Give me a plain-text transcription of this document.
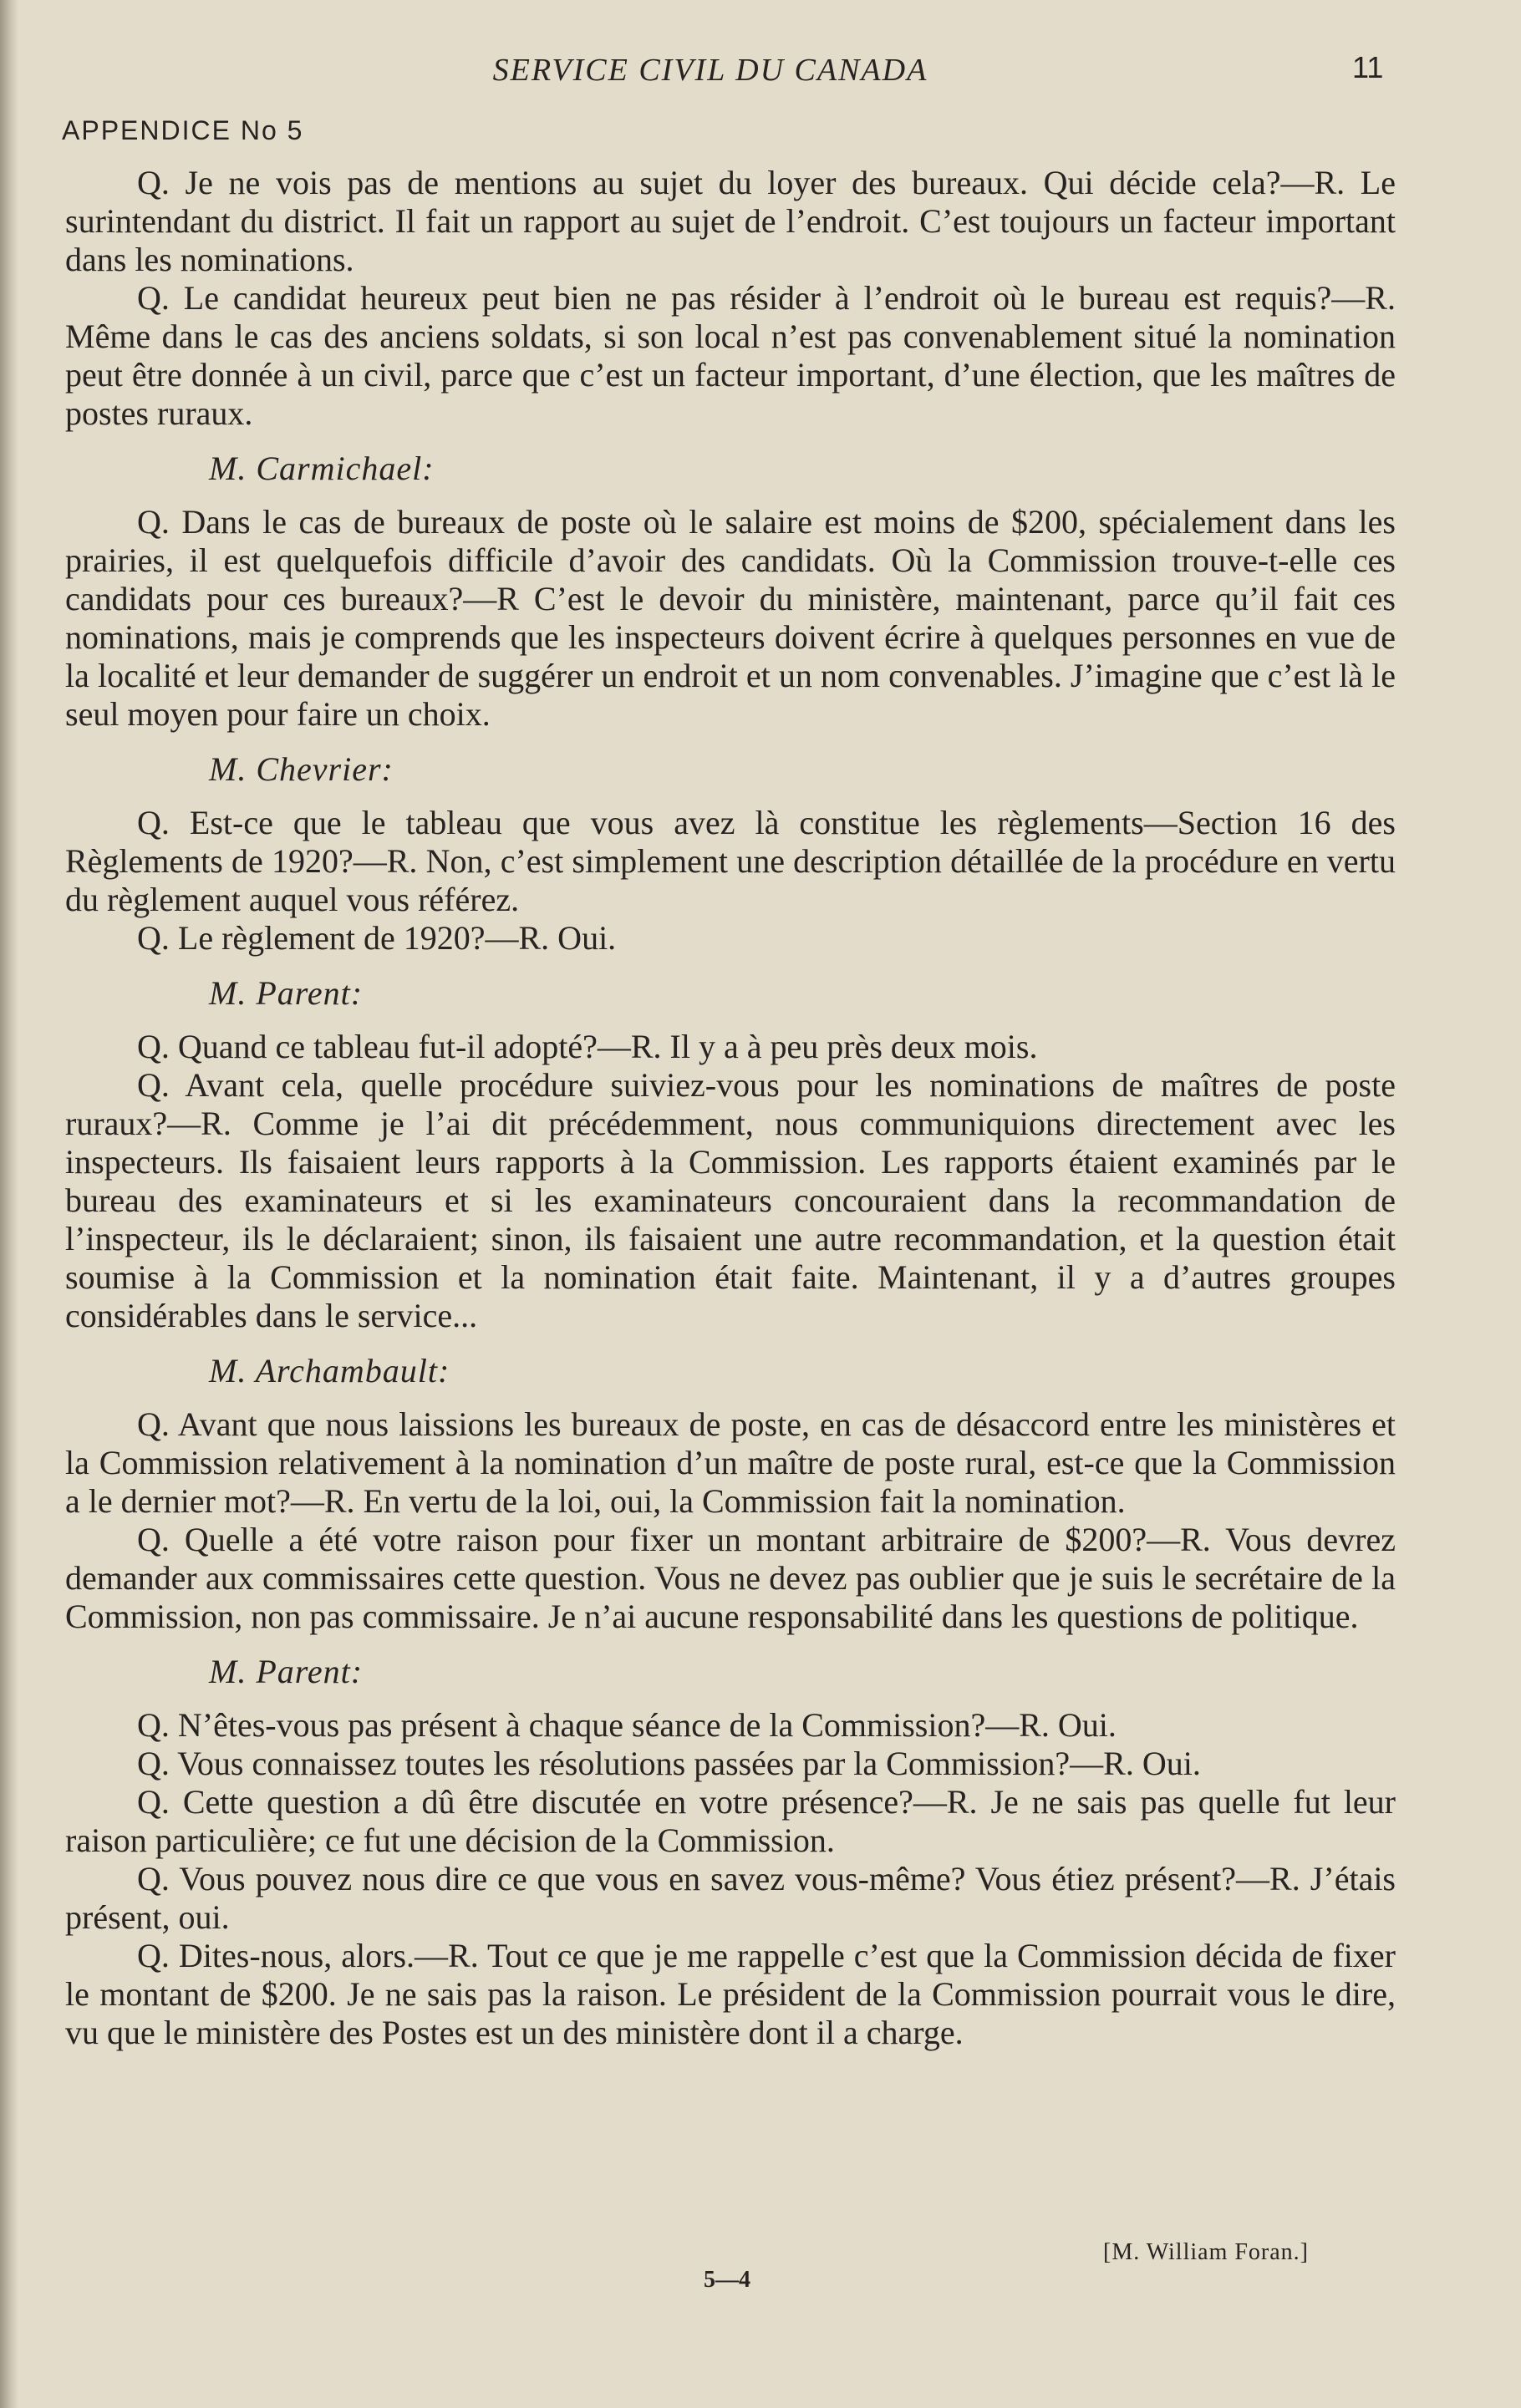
SERVICE CIVIL DU CANADA	11
APPENDICE No 5

Q. Je ne vois pas de mentions au sujet du loyer des bureaux. Qui décide cela?—R. Le surintendant du district. Il fait un rapport au sujet de l’endroit. C’est toujours un facteur important dans les nominations.

Q. Le candidat heureux peut bien ne pas résider à l’endroit où le bureau est requis?—R. Même dans le cas des anciens soldats, si son local n’est pas convenablement situé la nomination peut être donnée à un civil, parce que c’est un facteur important, d’une élection, que les maîtres de postes ruraux.

M. Carmichael:

Q. Dans le cas de bureaux de poste où le salaire est moins de $200, spécialement dans les prairies, il est quelquefois difficile d’avoir des candidats. Où la Commission trouve-t-elle ces candidats pour ces bureaux?—R C’est le devoir du ministère, maintenant, parce qu’il fait ces nominations, mais je comprends que les inspecteurs doivent écrire à quelques personnes en vue de la localité et leur demander de suggérer un endroit et un nom convenables. J’imagine que c’est là le seul moyen pour faire un choix.

M. Chevrier:

Q. Est-ce que le tableau que vous avez là constitue les règlements—Section 16 des Règlements de 1920?—R. Non, c’est simplement une description détaillée de la procédure en vertu du règlement auquel vous référez.

Q. Le règlement de 1920?—R. Oui.

M. Parent:

Q. Quand ce tableau fut-il adopté?—R. Il y a à peu près deux mois.

Q. Avant cela, quelle procédure suiviez-vous pour les nominations de maîtres de poste ruraux?—R. Comme je l’ai dit précédemment, nous communiquions directement avec les inspecteurs. Ils faisaient leurs rapports à la Commission. Les rapports étaient examinés par le bureau des examinateurs et si les examinateurs concouraient dans la recommandation de l’inspecteur, ils le déclaraient; sinon, ils faisaient une autre recommandation, et la question était soumise à la Commission et la nomination était faite. Maintenant, il y a d’autres groupes considérables dans le service...

M. Archambault:

Q. Avant que nous laissions les bureaux de poste, en cas de désaccord entre les ministères et la Commission relativement à la nomination d’un maître de poste rural, est-ce que la Commission a le dernier mot?—R. En vertu de la loi, oui, la Commission fait la nomination.

Q. Quelle a été votre raison pour fixer un montant arbitraire de $200?—R. Vous devrez demander aux commissaires cette question. Vous ne devez pas oublier que je suis le secrétaire de la Commission, non pas commissaire. Je n’ai aucune responsabilité dans les questions de politique.

M. Parent:

Q. N’êtes-vous pas présent à chaque séance de la Commission?—R. Oui.

Q. Vous connaissez toutes les résolutions passées par la Commission?—R. Oui.

Q. Cette question a dû être discutée en votre présence?—R. Je ne sais pas quelle fut leur raison particulière; ce fut une décision de la Commission.

Q. Vous pouvez nous dire ce que vous en savez vous-même? Vous étiez présent?—R. J’étais présent, oui.

Q. Dites-nous, alors.—R. Tout ce que je me rappelle c’est que la Commission décida de fixer le montant de $200. Je ne sais pas la raison. Le président de la Commission pourrait vous le dire, vu que le ministère des Postes est un des ministère dont il a charge.

[M. William Foran.]
5—4
